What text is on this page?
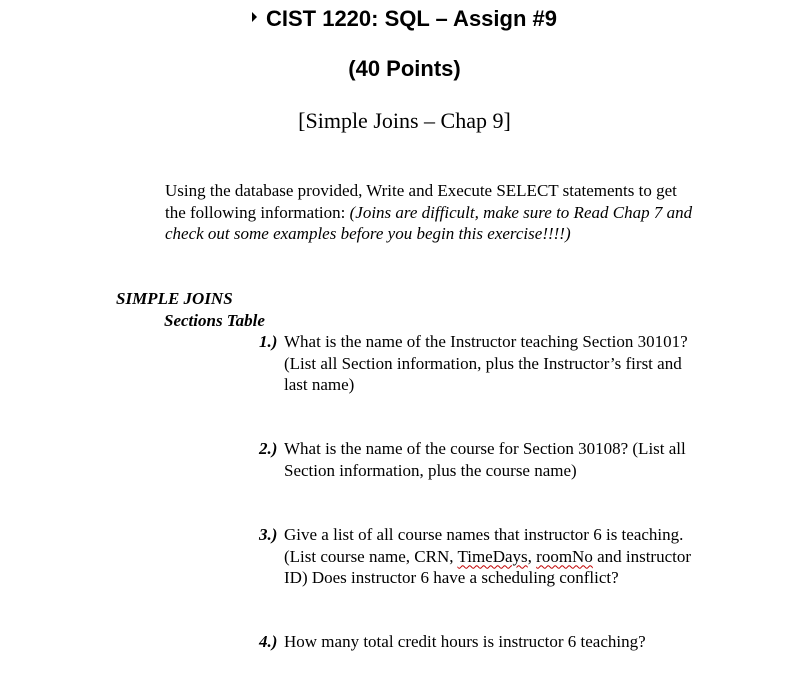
CIST 1220: SQL – Assign #9
(40 Points)
[Simple Joins – Chap 9]
Using the database provided, Write and Execute SELECT statements to get the following information: (Joins are difficult, make sure to Read Chap 7 and check out some examples before you begin this exercise!!!!)
SIMPLE JOINS
Sections Table
1.) What is the name of the Instructor teaching Section 30101? (List all Section information, plus the Instructor’s first and last name)
2.) What is the name of the course for Section 30108? (List all Section information, plus the course name)
3.) Give a list of all course names that instructor 6 is teaching. (List course name, CRN, TimeDays, roomNo and instructor ID) Does instructor 6 have a scheduling conflict?
4.) How many total credit hours is instructor 6 teaching?
